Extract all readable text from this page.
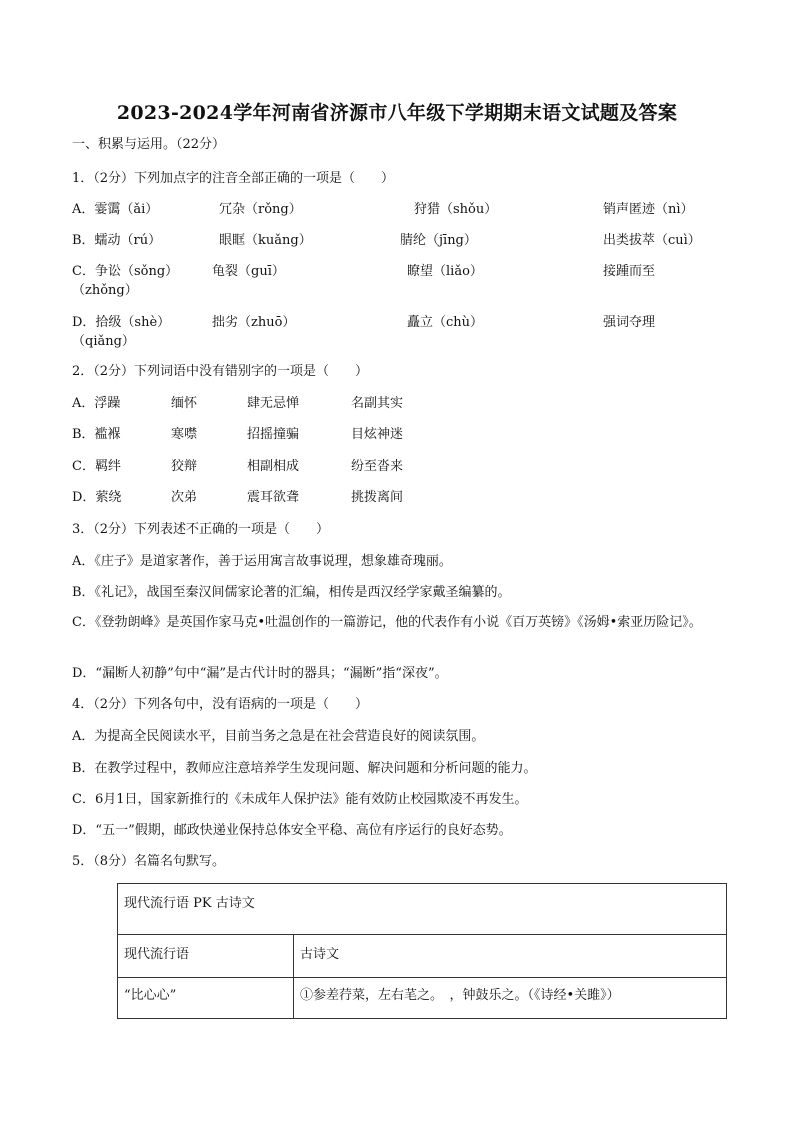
2023-2024学年河南省济源市八年级下学期期末语文试题及答案
一、积累与运用。（22分）
1．（2分）下列加点字的注音全部正确的一项是（　　）
A．霎霭（ǎi）	冗杂（rǒng）	狩猎（shǒu）	销声匿迹（nì）
B．蠕动（rú）	眼眶（kuǎng）	腈纶（jīng）	出类拔萃（cuì）
C．争讼（sǒng）	龟裂（guī）	瞭望（liǎo）	接踵而至
（zhǒng）
D．拾级（shè）	拙劣（zhuō）	矗立（chù）	强词夺理
（qiǎng）
2．（2分）下列词语中没有错别字的一项是（　　）
A．浮躁	缅怀	肆无忌惮	名副其实
B．褴褓	寒噤	招摇撞骗	目炫神迷
C．羁绊	狡辩	相副相成	纷至沓来
D．萦绕	次弟	震耳欲聋	挑拨离间
3．（2分）下列表述不正确的一项是（　　）
A．《庄子》是道家著作，善于运用寓言故事说理，想象雄奇瑰丽。
B．《礼记》，战国至秦汉间儒家论著的汇编，相传是西汉经学家戴圣编纂的。
C．《登勃朗峰》是英国作家马克•吐温创作的一篇游记，他的代表作有小说《百万英镑》《汤姆•索亚历险记》。
D．“漏断人初静”句中“漏”是古代计时的器具；“漏断”指“深夜”。
4．（2分）下列各句中，没有语病的一项是（　　）
A．为提高全民阅读水平，目前当务之急是在社会营造良好的阅读氛围。
B．在教学过程中，教师应注意培养学生发现问题、解决问题和分析问题的能力。
C．6月1日，国家新推行的《未成年人保护法》能有效防止校园欺凌不再发生。
D．“五一”假期，邮政快递业保持总体安全平稳、高位有序运行的良好态势。
5．（8分）名篇名句默写。
现代流行语 PK 古诗文	
现代流行语	古诗文
“比心心”	①参差荇菜，左右芼之。　，钟鼓乐之。（《诗经•关雎》）
